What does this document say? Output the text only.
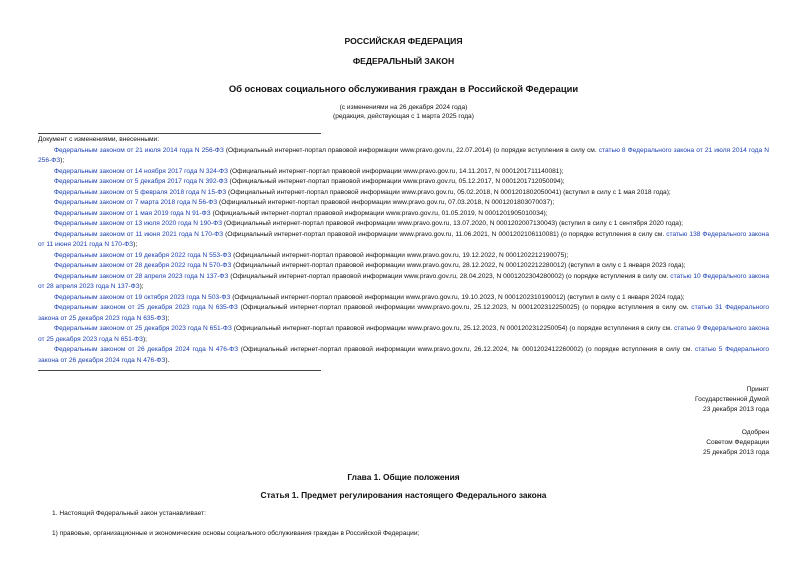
РОССИЙСКАЯ ФЕДЕРАЦИЯ
ФЕДЕРАЛЬНЫЙ ЗАКОН
Об основах социального обслуживания граждан в Российской Федерации
(с изменениями на 26 декабря 2024 года)
(редакция, действующая с 1 марта 2025 года)
Документ с изменениями, внесенными:
Федеральным законом от 21 июля 2014 года N 256-ФЗ (Официальный интернет-портал правовой информации www.pravo.gov.ru, 22.07.2014) (о порядке вступления в силу см. статью 8 Федерального закона от 21 июля 2014 года N 256-ФЗ);
Федеральным законом от 14 ноября 2017 года N 324-ФЗ (Официальный интернет-портал правовой информации www.pravo.gov.ru, 14.11.2017, N 0001201711140081);
Федеральным законом от 5 декабря 2017 года N 392-ФЗ (Официальный интернет-портал правовой информации www.pravo.gov.ru, 05.12.2017, N 0001201712050094);
Федеральным законом от 5 февраля 2018 года N 15-ФЗ (Официальный интернет-портал правовой информации www.pravo.gov.ru, 05.02.2018, N 0001201802050041) (вступил в силу с 1 мая 2018 года);
Федеральным законом от 7 марта 2018 года N 56-ФЗ (Официальный интернет-портал правовой информации www.pravo.gov.ru, 07.03.2018, N 0001201803070037);
Федеральным законом от 1 мая 2019 года N 91-ФЗ (Официальный интернет-портал правовой информации www.pravo.gov.ru, 01.05.2019, N 0001201905010034);
Федеральным законом от 13 июля 2020 года N 190-ФЗ (Официальный интернет-портал правовой информации www.pravo.gov.ru, 13.07.2020, N 0001202007130043) (вступил в силу с 1 сентября 2020 года);
Федеральным законом от 11 июня 2021 года N 170-ФЗ (Официальный интернет-портал правовой информации www.pravo.gov.ru, 11.06.2021, N 0001202106110081) (о порядке вступления в силу см. статью 138 Федерального закона от 11 июня 2021 года N 170-ФЗ);
Федеральным законом от 19 декабря 2022 года N 553-ФЗ (Официальный интернет-портал правовой информации www.pravo.gov.ru, 19.12.2022, N 0001202212190075);
Федеральным законом от 28 декабря 2022 года N 570-ФЗ (Официальный интернет-портал правовой информации www.pravo.gov.ru, 28.12.2022, N 0001202212280012) (вступил в силу с 1 января 2023 года);
Федеральным законом от 28 апреля 2023 года N 137-ФЗ (Официальный интернет-портал правовой информации www.pravo.gov.ru, 28.04.2023, N 0001202304280002) (о порядке вступления в силу см. статью 10 Федерального закона от 28 апреля 2023 года N 137-ФЗ);
Федеральным законом от 19 октября 2023 года N 503-ФЗ (Официальный интернет-портал правовой информации www.pravo.gov.ru, 19.10.2023, N 0001202310190012) (вступил в силу с 1 января 2024 года);
Федеральным законом от 25 декабря 2023 года N 635-ФЗ (Официальный интернет-портал правовой информации www.pravo.gov.ru, 25.12.2023, N 0001202312250025) (о порядке вступления в силу см. статью 31 Федерального закона от 25 декабря 2023 года N 635-ФЗ);
Федеральным законом от 25 декабря 2023 года N 651-ФЗ (Официальный интернет-портал правовой информации www.pravo.gov.ru, 25.12.2023, N 0001202312250054) (о порядке вступления в силу см. статью 9 Федерального закона от 25 декабря 2023 года N 651-ФЗ);
Федеральным законом от 26 декабря 2024 года N 476-ФЗ (Официальный интернет-портал правовой информации www.pravo.gov.ru, 26.12.2024, № 0001202412260002) (о порядке вступления в силу см. статью 5 Федерального закона от 26 декабря 2024 года N 476-ФЗ).
Принят
Государственной Думой
23 декабря 2013 года
Одобрен
Советом Федерации
25 декабря 2013 года
Глава 1. Общие положения
Статья 1. Предмет регулирования настоящего Федерального закона
1. Настоящий Федеральный закон устанавливает:
1) правовые, организационные и экономические основы социального обслуживания граждан в Российской Федерации;
